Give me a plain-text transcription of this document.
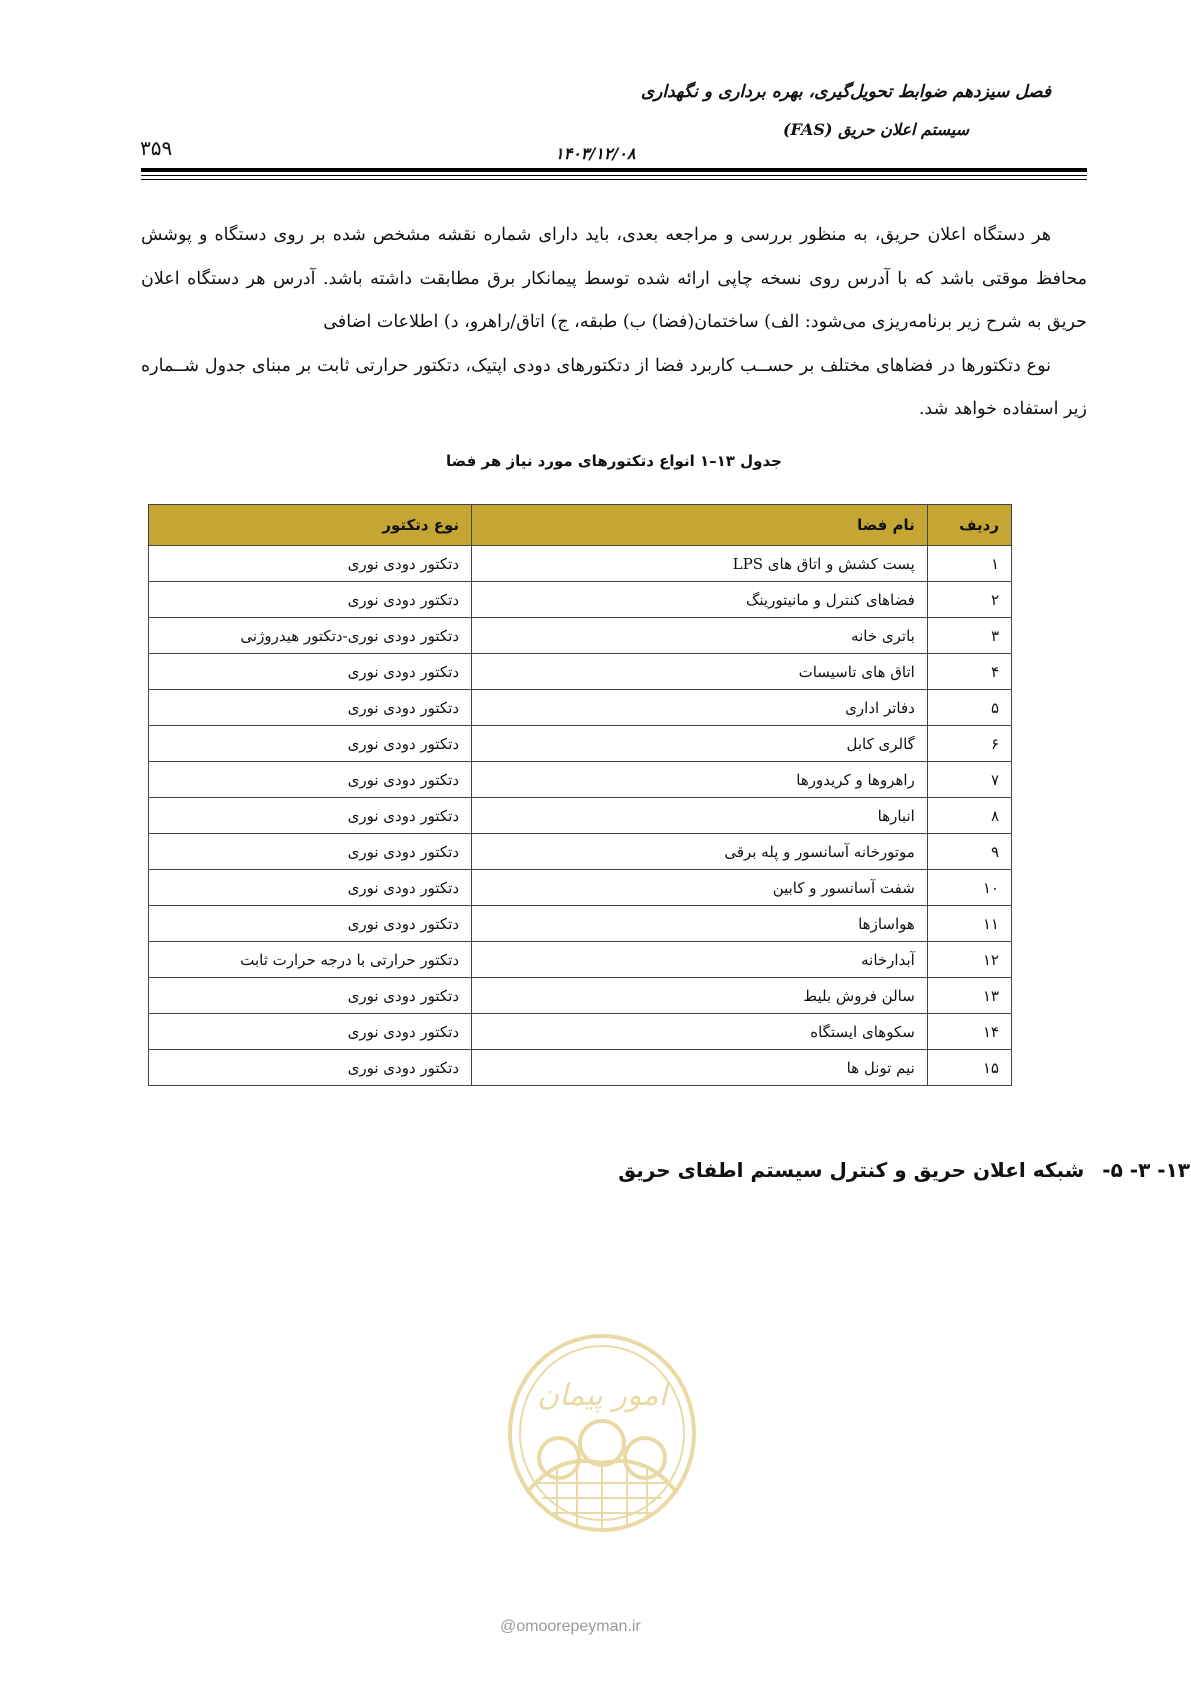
فصل سیزدهم ضوابط تحویل‌گیری، بهره برداری و نگهداری
سیستم اعلان حریق (FAS)
۳۵۹	۱۴۰۳/۱۲/۰۸

هر دستگاه اعلان حریق، به منظور بررسی و مراجعه بعدی، باید دارای شماره نقشه مشخص شده بر روی دستگاه و پوشش محافظ موقتی باشد که با آدرس روی نسخه چاپی ارائه شده توسط پیمانکار برق مطابقت داشته باشد. آدرس هر دستگاه اعلان حریق به شرح زیر برنامه‌ریزی می‌شود: الف) ساختمان(فضا) ب) طبقه، ج) اتاق/راهرو، د) اطلاعات اضافی

نوع دتکتورها در فضاهای مختلف بر حســب کاربرد فضا از دتکتورهای دودی اپتیک، دتکتور حرارتی ثابت بر مبنای جدول شــماره زیر استفاده خواهد شد.

جدول ۱۳–۱ انواع دتکتورهای مورد نیاز هر فضا
ردیف	نام فضا	نوع دتکتور
۱	پست کشش و اتاق های LPS	دتکتور دودی نوری
۲	فضاهای کنترل و مانیتورینگ	دتکتور دودی نوری
۳	باتری خانه	دتکتور دودی نوری-دتکتور هیدروژنی
۴	اتاق های تاسیسات	دتکتور دودی نوری
۵	دفاتر اداری	دتکتور دودی نوری
۶	گالری کابل	دتکتور دودی نوری
۷	راهروها و کریدورها	دتکتور دودی نوری
۸	انبارها	دتکتور دودی نوری
۹	موتورخانه آسانسور و پله برقی	دتکتور دودی نوری
۱۰	شفت آسانسور و کابین	دتکتور دودی نوری
۱۱	هواسازها	دتکتور دودی نوری
۱۲	آبدارخانه	دتکتور حرارتی با درجه حرارت ثابت
۱۳	سالن فروش بلیط	دتکتور دودی نوری
۱۴	سکوهای ایستگاه	دتکتور دودی نوری
۱۵	نیم تونل ها	دتکتور دودی نوری
۱۳- ۳- ۵-شبکه اعلان حریق و کنترل سیستم اطفای حریق
امور پیمان
@omoorepeyman.ir
